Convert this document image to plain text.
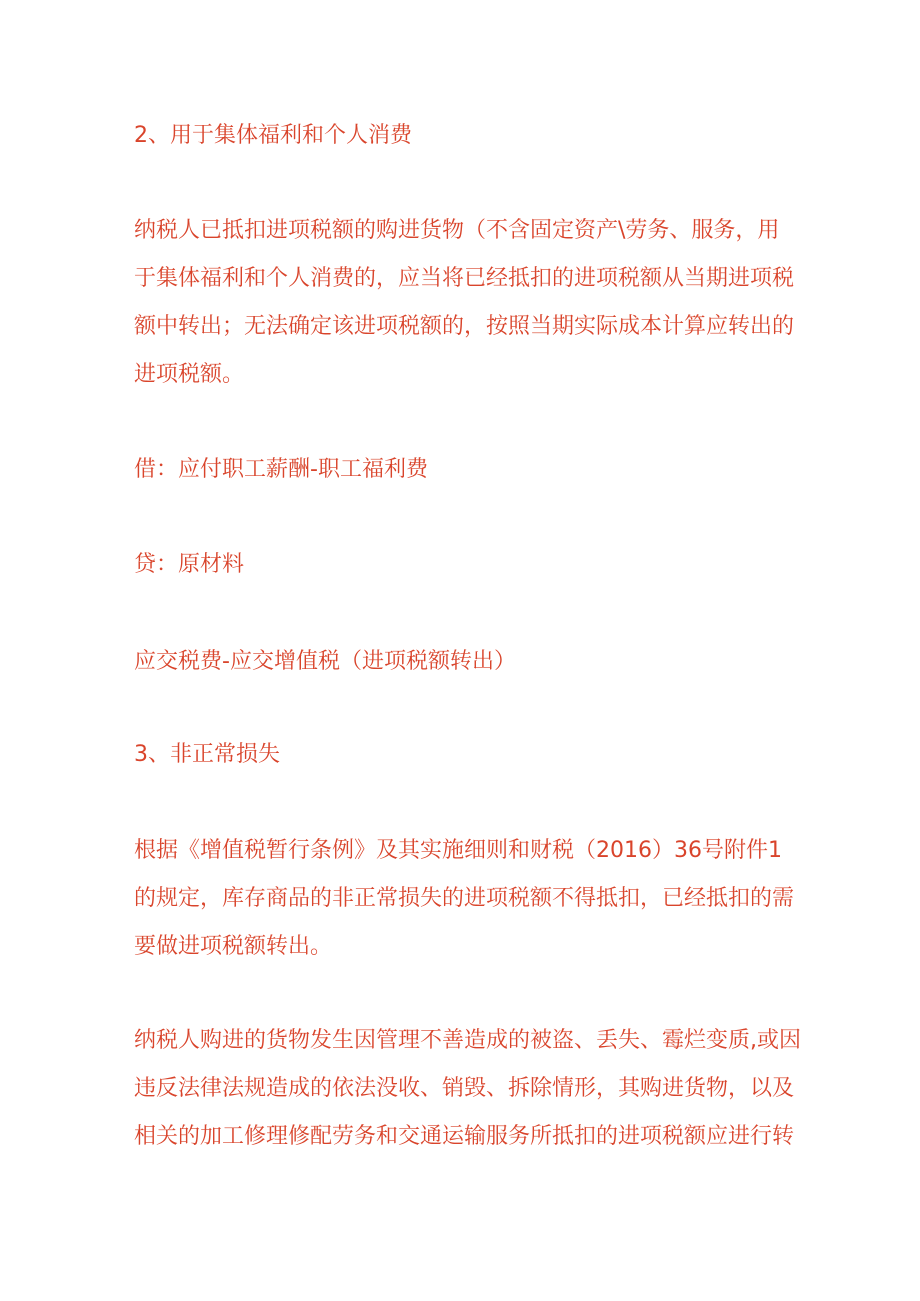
2、用于集体福利和个人消费

纳税人已抵扣进项税额的购进货物（不含固定资产\劳务、服务，用
于集体福利和个人消费的，应当将已经抵扣的进项税额从当期进项税
额中转出；无法确定该进项税额的，按照当期实际成本计算应转出的
进项税额。

借：应付职工薪酬-职工福利费

贷：原材料

应交税费-应交增值税（进项税额转出）

3、非正常损失

根据《增值税暂行条例》及其实施细则和财税（2016）36号附件1
的规定，库存商品的非正常损失的进项税额不得抵扣，已经抵扣的需
要做进项税额转出。

纳税人购进的货物发生因管理不善造成的被盗、丢失、霉烂变质,或因
违反法律法规造成的依法没收、销毁、拆除情形，其购进货物，以及
相关的加工修理修配劳务和交通运输服务所抵扣的进项税额应进行转
